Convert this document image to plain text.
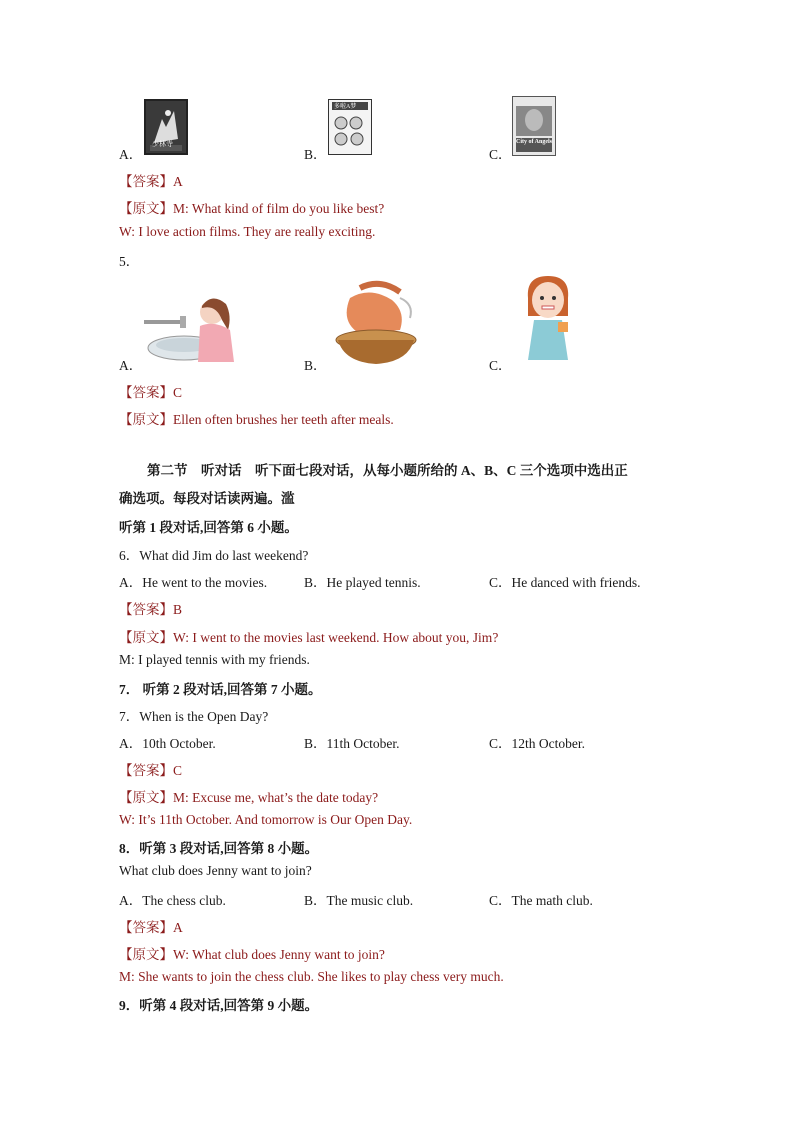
少林寺
多啦A梦
City of Angels
A．	B．	C．
【答案】A
【原文】M: What kind of film do you like best?
W: I love action films. They are really exciting.
5．
A．	B．	C．
【答案】C
【原文】Ellen often brushes her teeth after meals.
第二节　听对话　听下面七段对话，从每小题所给的 A、B、C 三个选项中选出正
确选项。每段对话读两遍。滥
听第 1 段对话,回答第 6 小题。
6．What did Jim do last weekend?
A．He went to the movies.	B．He played tennis.	C．He danced with friends.
【答案】B
【原文】W: I went to the movies last weekend. How about you, Jim?
M: I played tennis with my friends.
7． 听第 2 段对话,回答第 7 小题。
7．When is the Open Day?
A．10th October.	B．11th October.	C．12th October.
【答案】C
【原文】M: Excuse me, what’s the date today?
W: It’s 11th October. And tomorrow is Our Open Day.
8．听第 3 段对话,回答第 8 小题。
What club does Jenny want to join?
A．The chess club.	B．The music club.	C．The math club.
【答案】A
【原文】W: What club does Jenny want to join?
M: She wants to join the chess club. She likes to play chess very much.
9．听第 4 段对话,回答第 9 小题。
